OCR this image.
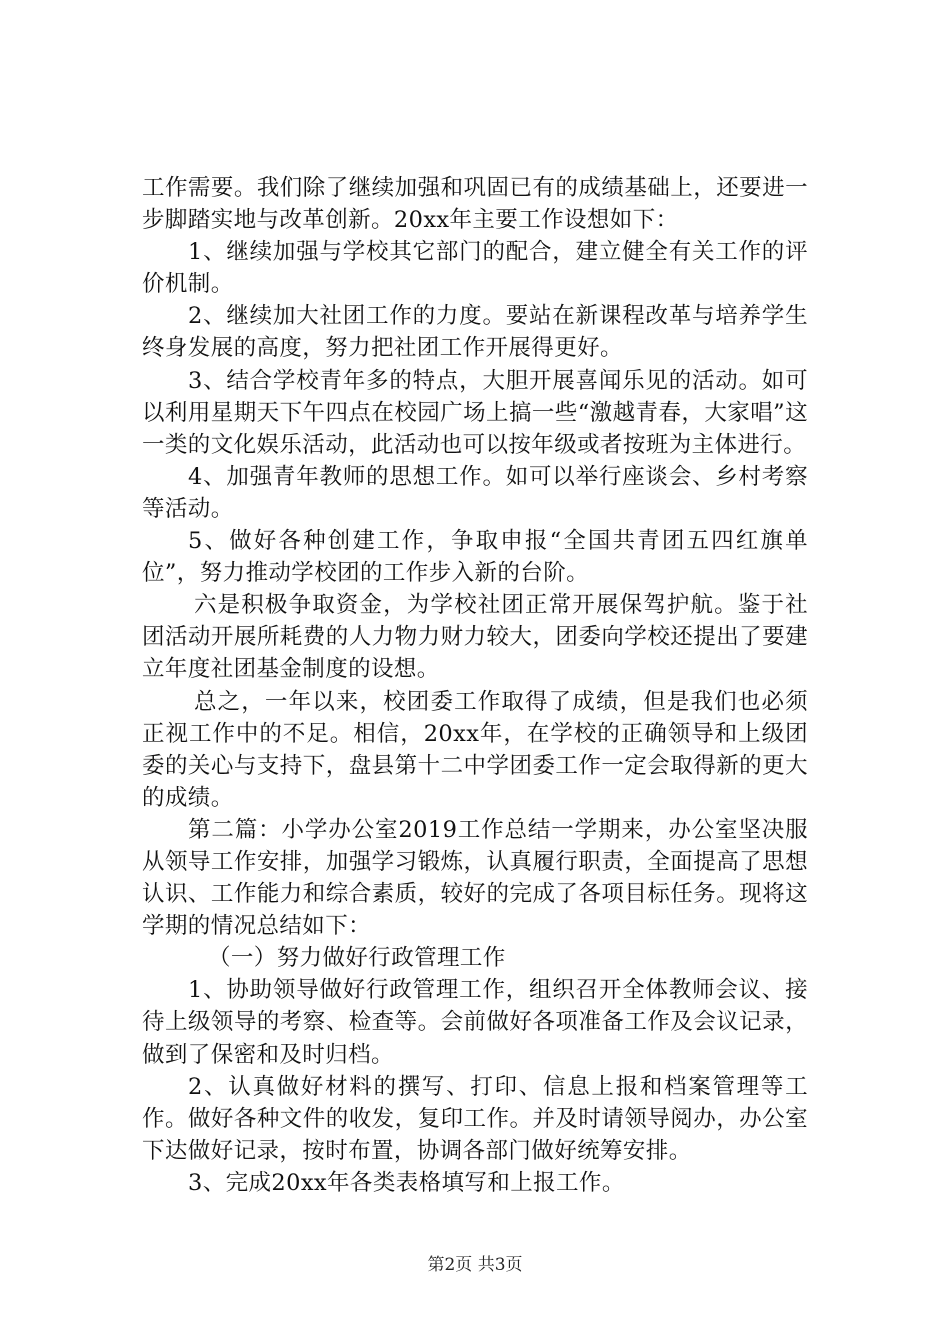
工作需要。我们除了继续加强和巩固已有的成绩基础上，还要进一步脚踏实地与改革创新。20xx年主要工作设想如下：

1、继续加强与学校其它部门的配合，建立健全有关工作的评价机制。

2、继续加大社团工作的力度。要站在新课程改革与培养学生终身发展的高度，努力把社团工作开展得更好。

3、结合学校青年多的特点，大胆开展喜闻乐见的活动。如可以利用星期天下午四点在校园广场上搞一些“激越青春，大家唱”这一类的文化娱乐活动，此活动也可以按年级或者按班为主体进行。

4、加强青年教师的思想工作。如可以举行座谈会、乡村考察等活动。

5、做好各种创建工作，争取申报“全国共青团五四红旗单位”，努力推动学校团的工作步入新的台阶。

六是积极争取资金，为学校社团正常开展保驾护航。鉴于社团活动开展所耗费的人力物力财力较大，团委向学校还提出了要建立年度社团基金制度的设想。

总之，一年以来，校团委工作取得了成绩，但是我们也必须正视工作中的不足。相信，20xx年，在学校的正确领导和上级团委的关心与支持下，盘县第十二中学团委工作一定会取得新的更大的成绩。

第二篇：小学办公室2019工作总结一学期来，办公室坚决服从领导工作安排，加强学习锻炼，认真履行职责，全面提高了思想认识、工作能力和综合素质，较好的完成了各项目标任务。现将这学期的情况总结如下：

（一）努力做好行政管理工作

1、协助领导做好行政管理工作，组织召开全体教师会议、接待上级领导的考察、检查等。会前做好各项准备工作及会议记录，做到了保密和及时归档。

2、认真做好材料的撰写、打印、信息上报和档案管理等工作。做好各种文件的收发，复印工作。并及时请领导阅办，办公室下达做好记录，按时布置，协调各部门做好统筹安排。

3、完成20xx年各类表格填写和上报工作。

第2页 共3页
